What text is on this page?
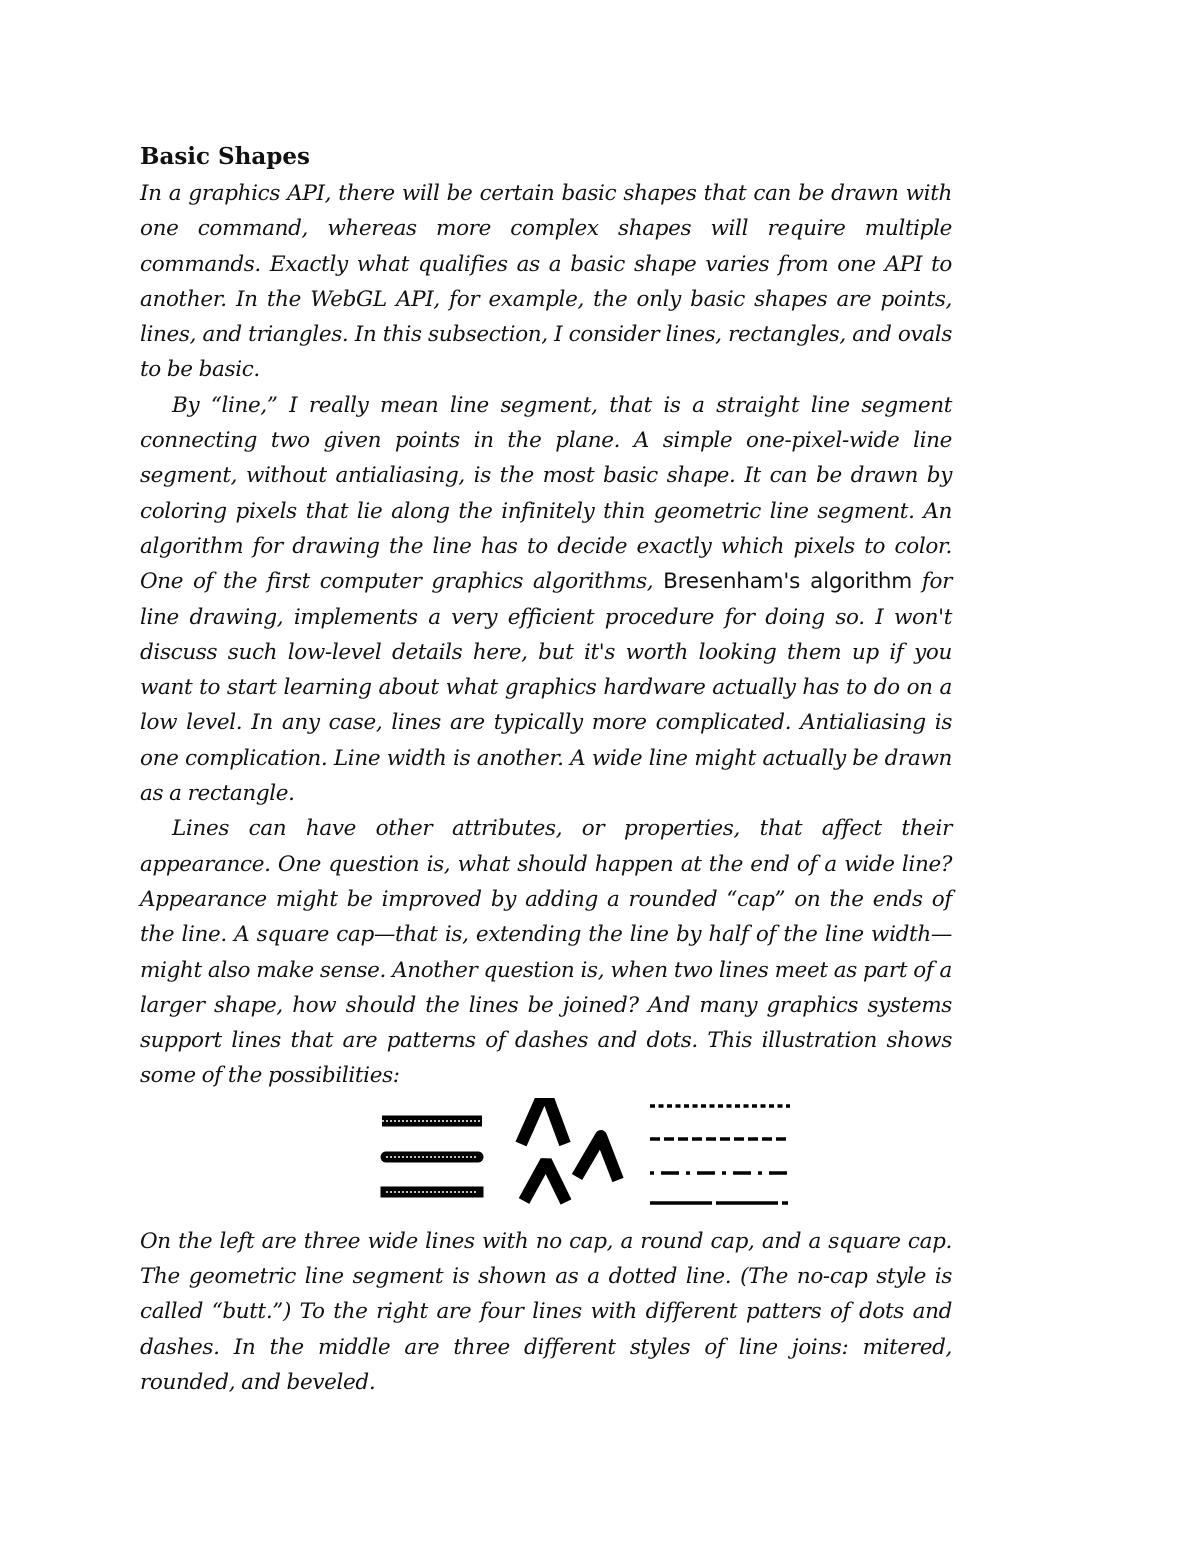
Basic Shapes

In a graphics API, there will be certain basic shapes that can be drawn with one command, whereas more complex shapes will require multiple commands. Exactly what qualifies as a basic shape varies from one API to another. In the WebGL API, for example, the only basic shapes are points, lines, and triangles. In this subsection, I consider lines, rectangles, and ovals to be basic.

By “line,” I really mean line segment, that is a straight line segment connecting two given points in the plane. A simple one-pixel-wide line segment, without antialiasing, is the most basic shape. It can be drawn by coloring pixels that lie along the infinitely thin geometric line segment. An algorithm for drawing the line has to decide exactly which pixels to color. One of the first computer graphics algorithms, Bresenham's algorithm for line drawing, implements a very efficient procedure for doing so. I won't discuss such low-level details here, but it's worth looking them up if you want to start learning about what graphics hardware actually has to do on a low level. In any case, lines are typically more complicated. Antialiasing is one complication. Line width is another. A wide line might actually be drawn as a rectangle.

Lines can have other attributes, or properties, that affect their appearance. One question is, what should happen at the end of a wide line? Appearance might be improved by adding a rounded “cap” on the ends of the line. A square cap—that is, extending the line by half of the line width—might also make sense. Another question is, when two lines meet as part of a larger shape, how should the lines be joined? And many graphics systems support lines that are patterns of dashes and dots. This illustration shows some of the possibilities:

On the left are three wide lines with no cap, a round cap, and a square cap. The geometric line segment is shown as a dotted line. (The no-cap style is called “butt.”) To the right are four lines with different patters of dots and dashes. In the middle are three different styles of line joins: mitered, rounded, and beveled.
